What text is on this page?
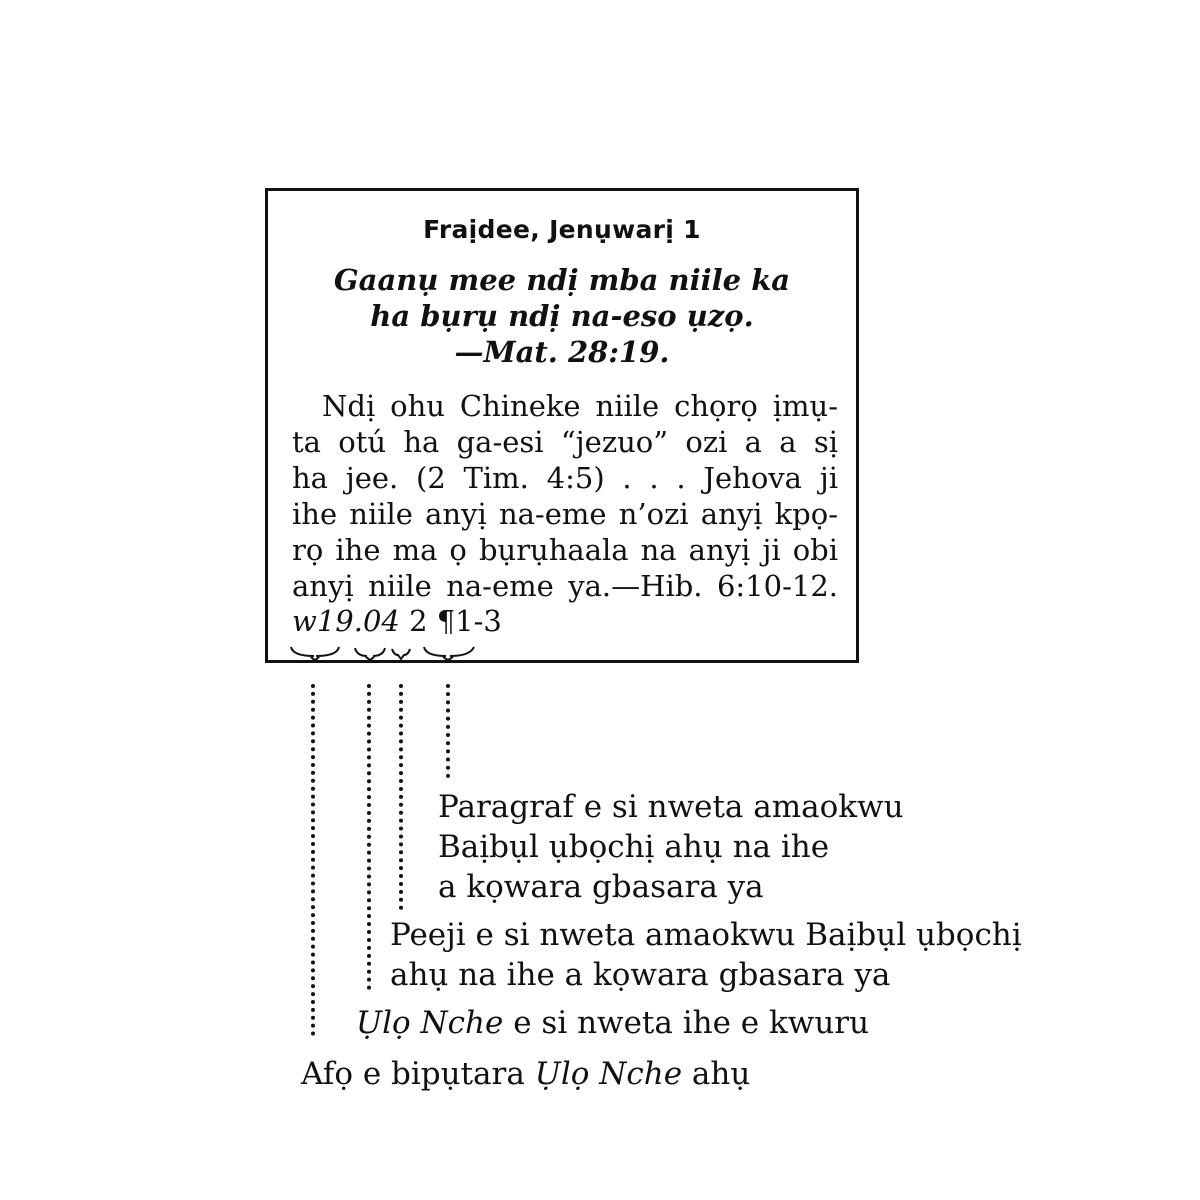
Fraịdee, Jenụwarị 1
Gaanụ mee ndị mba niile ka
ha bụrụ ndị na-eso ụzọ.
—Mat. 28:19.
Ndị ohu Chineke niile chọrọ ịmụ-
ta otú ha ga-esi “jezuo” ozi a a sị
ha jee. (2 Tim. 4:5) . . . Jehova ji
ihe niile anyị na-eme n’ozi anyị kpọ-
rọ ihe ma ọ bụrụhaala na anyị ji obi
anyị niile na-eme ya.—Hib. 6:10-12.
w19.04 2 ¶1-3
Paragraf e si nweta amaokwu
Baịbụl ụbọchị ahụ na ihe
a kọwara gbasara ya
Peeji e si nweta amaokwu Baịbụl ụbọchị
ahụ na ihe a kọwara gbasara ya
Ụlọ Nche e si nweta ihe e kwuru
Afọ e bipụtara Ụlọ Nche ahụ
